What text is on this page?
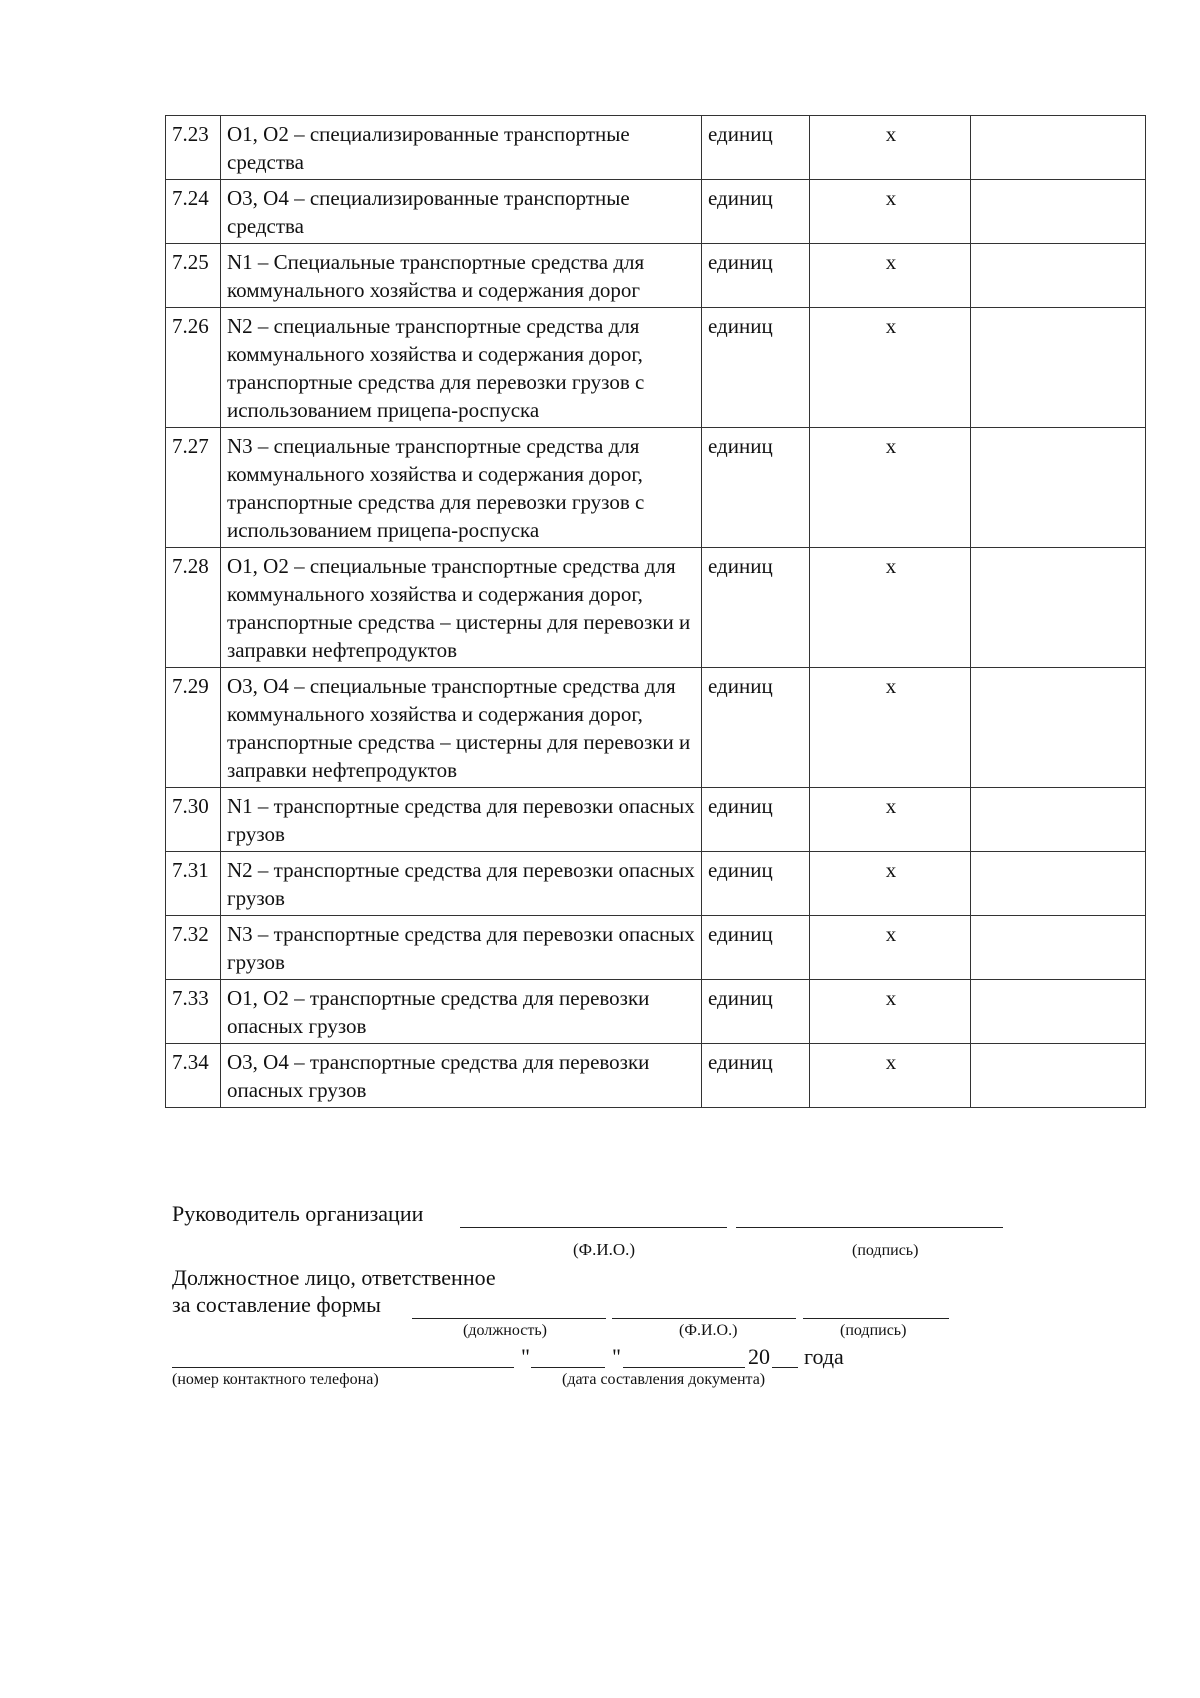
7.23	O1, O2 – специализированные транспортные средства	единиц	x	
7.24	O3, O4 – специализированные транспортные средства	единиц	x	
7.25	N1 – Специальные транспортные средства для коммунального хозяйства и содержания дорог	единиц	x	
7.26	N2 – специальные транспортные средства для коммунального хозяйства и содержания дорог, транспортные средства для перевозки грузов с использованием прицепа-роспуска	единиц	x	
7.27	N3 – специальные транспортные средства для коммунального хозяйства и содержания дорог, транспортные средства для перевозки грузов с использованием прицепа-роспуска	единиц	x	
7.28	O1, O2 – специальные транспортные средства для коммунального хозяйства и содержания дорог, транспортные средства – цистерны для перевозки и заправки нефтепродуктов	единиц	x	
7.29	O3, O4 – специальные транспортные средства для коммунального хозяйства и содержания дорог, транспортные средства – цистерны для перевозки и заправки нефтепродуктов	единиц	x	
7.30	N1 – транспортные средства для перевозки опасных грузов	единиц	x	
7.31	N2 – транспортные средства для перевозки опасных грузов	единиц	x	
7.32	N3 – транспортные средства для перевозки опасных грузов	единиц	x	
7.33	O1, O2 – транспортные средства для перевозки опасных грузов	единиц	x	
7.34	O3, O4 – транспортные средства для перевозки опасных грузов	единиц	x	
Руководитель организации
(Ф.И.О.)	(подпись)
Должностное лицо, ответственное
за составление формы
(должность)	(Ф.И.О.)	(подпись)
"	"	20 года
(номер контактного телефона)	(дата составления документа)
